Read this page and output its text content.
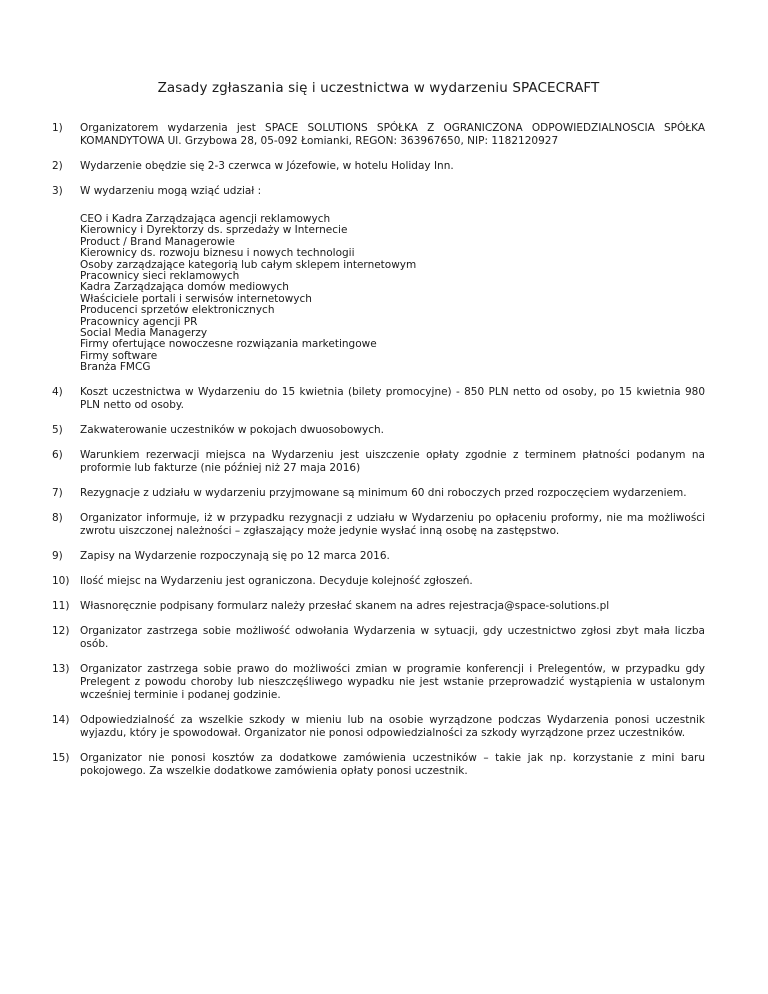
Zasady zgłaszania się i uczestnictwa w wydarzeniu SPACECRAFT
1)	Organizatorem wydarzenia jest SPACE SOLUTIONS SPÓŁKA Z OGRANICZONA ODPOWIEDZIALNOSCIA SPÓŁKA KOMANDYTOWA Ul. Grzybowa 28, 05-092 Łomianki, REGON: 363967650, NIP: 1182120927
2)	Wydarzenie obędzie się 2-3 czerwca w Józefowie, w hotelu Holiday Inn.
3)	W wydarzeniu mogą wziąć udział :
CEO i Kadra Zarządzająca agencji reklamowych
Kierownicy i Dyrektorzy ds. sprzedaży w Internecie
Product / Brand Managerowie
Kierownicy ds. rozwoju biznesu i nowych technologii
Osoby zarządzające kategorią lub całym sklepem internetowym
Pracownicy sieci reklamowych
Kadra Zarządzająca domów mediowych
Właściciele portali i serwisów internetowych
Producenci sprzetów elektronicznych
Pracownicy agencji PR
Social Media Managerzy
Firmy ofertujące nowoczesne rozwiązania marketingowe
Firmy software
Branża FMCG
4)	Koszt uczestnictwa w Wydarzeniu do 15 kwietnia (bilety promocyjne) - 850 PLN netto od osoby, po 15 kwietnia 980 PLN netto od osoby.
5)	Zakwaterowanie uczestników w pokojach dwuosobowych.
6)	Warunkiem rezerwacji miejsca na Wydarzeniu jest uiszczenie opłaty zgodnie z terminem płatności podanym na proformie lub fakturze (nie później niż 27 maja 2016)
7)	Rezygnacje z udziału w wydarzeniu przyjmowane są minimum 60 dni roboczych przed rozpoczęciem wydarzeniem.
8)	Organizator informuje, iż w przypadku rezygnacji z udziału w Wydarzeniu po opłaceniu proformy, nie ma możliwości zwrotu uiszczonej należności – zgłaszający może jedynie wysłać inną osobę na zastępstwo.
9)	Zapisy na Wydarzenie rozpoczynają się po 12 marca 2016.
10)	Ilość miejsc na Wydarzeniu jest ograniczona. Decyduje kolejność zgłoszeń.
11)	Własnoręcznie podpisany formularz należy przesłać skanem na adres rejestracja@space-solutions.pl
12)	Organizator zastrzega sobie możliwość odwołania Wydarzenia w sytuacji, gdy uczestnictwo zgłosi zbyt mała liczba osób.
13)	Organizator zastrzega sobie prawo do możliwości zmian w programie konferencji i Prelegentów, w przypadku gdy Prelegent z powodu choroby lub nieszczęśliwego wypadku nie jest wstanie przeprowadzić wystąpienia w ustalonym wcześniej terminie i podanej godzinie.
14)	Odpowiedzialność za wszelkie szkody w mieniu lub na osobie wyrządzone podczas Wydarzenia ponosi uczestnik wyjazdu, który je spowodował. Organizator nie ponosi odpowiedzialności za szkody wyrządzone przez uczestników.
15)	Organizator nie ponosi kosztów za dodatkowe zamówienia uczestników – takie jak np. korzystanie z mini baru pokojowego. Za wszelkie dodatkowe zamówienia opłaty ponosi uczestnik.
